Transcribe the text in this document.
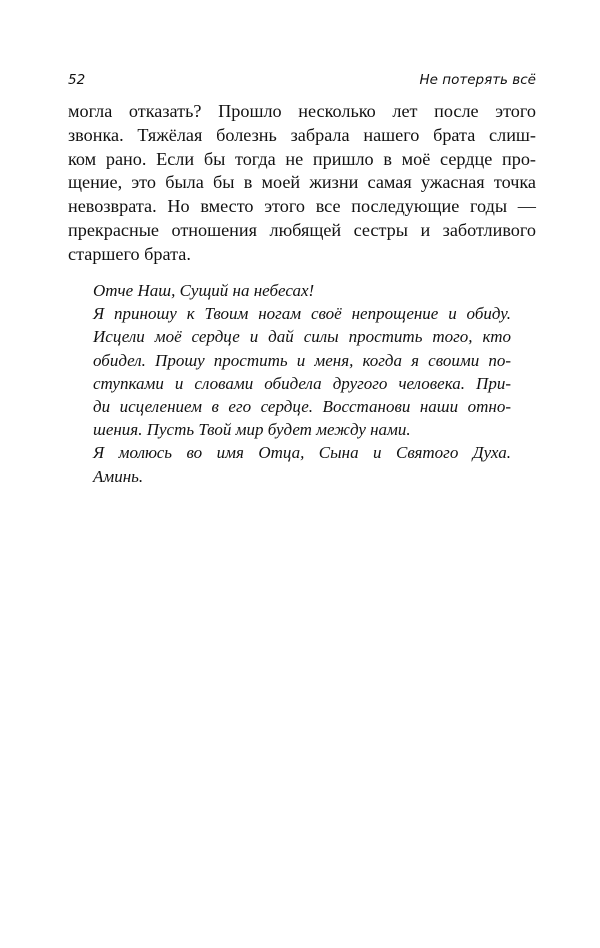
52	Не потерять всё
могла отказать? Прошло несколько лет после этого
звонка. Тяжёлая болезнь забрала нашего брата слиш-
ком рано. Если бы тогда не пришло в моё сердце про-
щение, это была бы в моей жизни самая ужасная точка
невозврата. Но вместо этого все последующие годы —
прекрасные отношения любящей сестры и заботливого
старшего брата.
Отче Наш, Сущий на небесах!
Я приношу к Твоим ногам своё непрощение и обиду.
Исцели моё сердце и дай силы простить того, кто
обидел. Прошу простить и меня, когда я своими по-
ступками и словами обидела другого человека. При-
ди исцелением в его сердце. Восстанови наши отно-
шения. Пусть Твой мир будет между нами.
Я молюсь во имя Отца, Сына и Святого Духа.
Аминь.
